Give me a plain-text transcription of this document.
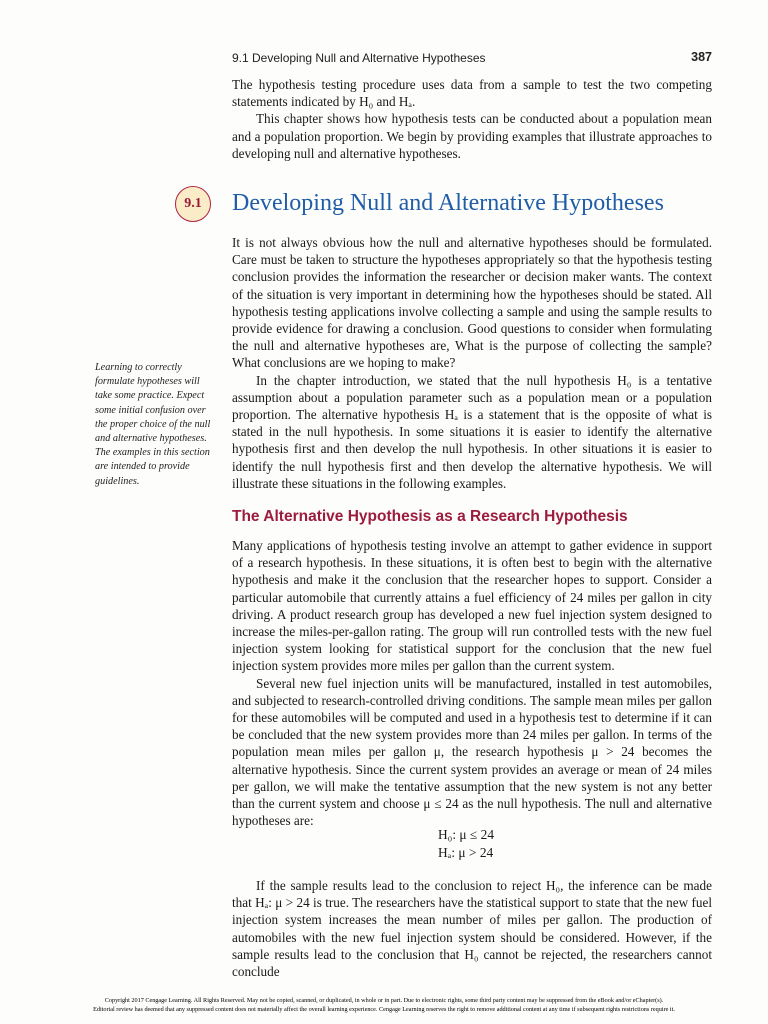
9.1 Developing Null and Alternative Hypotheses	387

The hypothesis testing procedure uses data from a sample to test the two competing statements indicated by H₀ and Hₐ.

This chapter shows how hypothesis tests can be conducted about a population mean and a population proportion. We begin by providing examples that illustrate approaches to developing null and alternative hypotheses.

9.1	Developing Null and Alternative Hypotheses

It is not always obvious how the null and alternative hypotheses should be formulated. Care must be taken to structure the hypotheses appropriately so that the hypothesis testing conclusion provides the information the researcher or decision maker wants. The context of the situation is very important in determining how the hypotheses should be stated. All hypothesis testing applications involve collecting a sample and using the sample results to provide evidence for drawing a conclusion. Good questions to consider when formulating the null and alternative hypotheses are, What is the purpose of collecting the sample? What conclusions are we hoping to make?

In the chapter introduction, we stated that the null hypothesis H₀ is a tentative assumption about a population parameter such as a population mean or a population proportion. The alternative hypothesis Hₐ is a statement that is the opposite of what is stated in the null hypothesis. In some situations it is easier to identify the alternative hypothesis first and then develop the null hypothesis. In other situations it is easier to identify the null hypothesis first and then develop the alternative hypothesis. We will illustrate these situations in the following examples.

Learning to correctly formulate hypotheses will take some practice. Expect some initial confusion over the proper choice of the null and alternative hypotheses. The examples in this section are intended to provide guidelines.
The Alternative Hypothesis as a Research Hypothesis

Many applications of hypothesis testing involve an attempt to gather evidence in support of a research hypothesis. In these situations, it is often best to begin with the alternative hypothesis and make it the conclusion that the researcher hopes to support. Consider a particular automobile that currently attains a fuel efficiency of 24 miles per gallon in city driving. A product research group has developed a new fuel injection system designed to increase the miles-per-gallon rating. The group will run controlled tests with the new fuel injection system looking for statistical support for the conclusion that the new fuel injection system provides more miles per gallon than the current system.

Several new fuel injection units will be manufactured, installed in test automobiles, and subjected to research-controlled driving conditions. The sample mean miles per gallon for these automobiles will be computed and used in a hypothesis test to determine if it can be concluded that the new system provides more than 24 miles per gallon. In terms of the population mean miles per gallon μ, the research hypothesis μ > 24 becomes the alternative hypothesis. Since the current system provides an average or mean of 24 miles per gallon, we will make the tentative assumption that the new system is not any better than the current system and choose μ ≤ 24 as the null hypothesis. The null and alternative hypotheses are:

H₀: μ ≤ 24
Hₐ: μ > 24

If the sample results lead to the conclusion to reject H₀, the inference can be made that Hₐ: μ > 24 is true. The researchers have the statistical support to state that the new fuel injection system increases the mean number of miles per gallon. The production of automobiles with the new fuel injection system should be considered. However, if the sample results lead to the conclusion that H₀ cannot be rejected, the researchers cannot conclude

Copyright 2017 Cengage Learning. All Rights Reserved. May not be copied, scanned, or duplicated, in whole or in part. Due to electronic rights, some third party content may be suppressed from the eBook and/or eChapter(s).
Editorial review has deemed that any suppressed content does not materially affect the overall learning experience. Cengage Learning reserves the right to remove additional content at any time if subsequent rights restrictions require it.
